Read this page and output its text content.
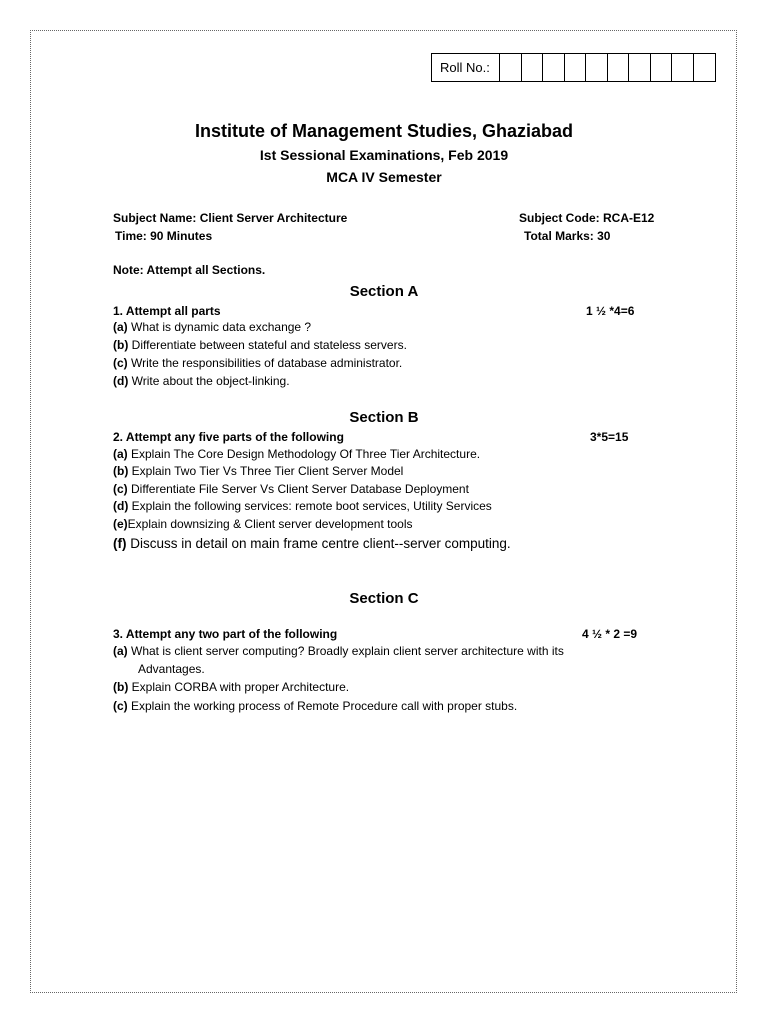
Roll No.:
Institute of Management Studies, Ghaziabad
Ist Sessional Examinations, Feb 2019
MCA IV Semester
Subject Name: Client Server Architecture	Subject Code: RCA-E12
Time: 90 Minutes	Total Marks: 30
Note: Attempt all Sections.
Section A
1. Attempt all parts	1 ½ *4=6
(a) What is dynamic data exchange ?
(b) Differentiate between stateful and stateless servers.
(c) Write the responsibilities of database administrator.
(d) Write about the object-linking.
Section B
2. Attempt any five parts of the following	3*5=15
(a) Explain The Core Design Methodology Of Three Tier Architecture.
(b) Explain Two Tier Vs Three Tier Client Server Model
(c) Differentiate File Server Vs Client Server Database Deployment
(d) Explain the following services: remote boot services, Utility Services
(e)Explain downsizing & Client server development tools
(f) Discuss in detail on main frame centre client--server computing.
Section C
3. Attempt any two part of the following	4 ½ * 2 =9
(a) What is client server computing? Broadly explain client server architecture with its
Advantages.
(b) Explain CORBA with proper Architecture.
(c) Explain the working process of Remote Procedure call with proper stubs.
